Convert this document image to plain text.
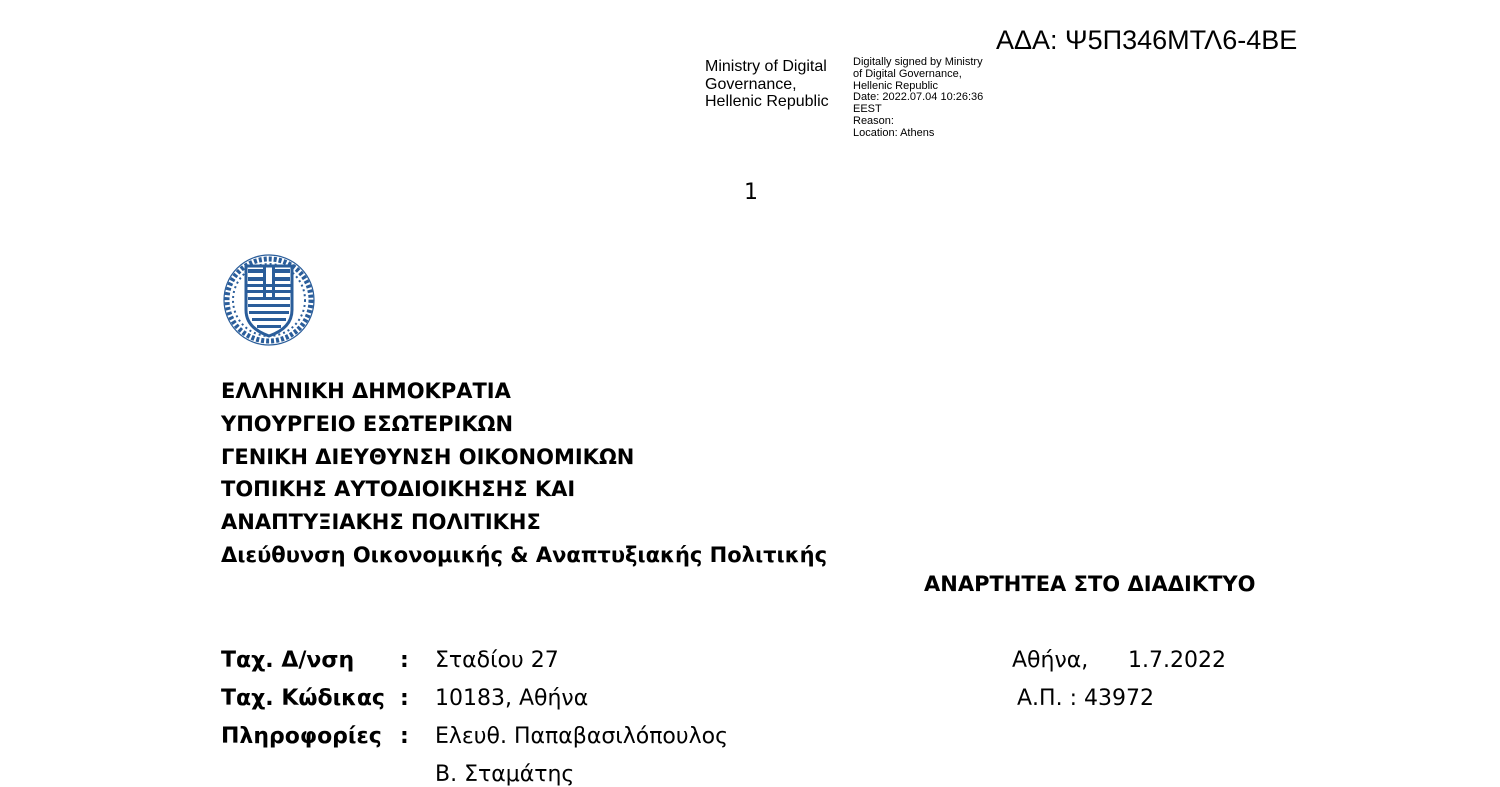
ΑΔΑ: Ψ5Π346ΜΤΛ6-4ΒΕ
Ministry of Digital
Governance,
Hellenic Republic
Digitally signed by Ministry
of Digital Governance,
Hellenic Republic
Date: 2022.07.04 10:26:36
EEST
Reason:
Location: Athens
1
ΕΛΛΗΝΙΚΗ ΔΗΜΟΚΡΑΤΙΑ
ΥΠΟΥΡΓΕΙΟ ΕΣΩΤΕΡΙΚΩΝ
ΓΕΝΙΚΗ ΔΙΕΥΘΥΝΣΗ ΟΙΚΟΝΟΜΙΚΩΝ
ΤΟΠΙΚΗΣ ΑΥΤΟΔΙΟΙΚΗΣΗΣ ΚΑΙ
ΑΝΑΠΤΥΞΙΑΚΗΣ ΠΟΛΙΤΙΚΗΣ
Διεύθυνση Οικονομικής & Αναπτυξιακής Πολιτικής
ΑΝΑΡΤΗΤΕΑ ΣΤΟ ΔΙΑΔΙΚΤΥΟ
Ταχ. Δ/νση : Σταδίου 27
Ταχ. Κώδικας : 10183, Αθήνα
Πληροφορίες : Ελευθ. Παπαβασιλόπουλος
Β. Σταμάτης
Αθήνα, 1.7.2022
Α.Π. : 43972
